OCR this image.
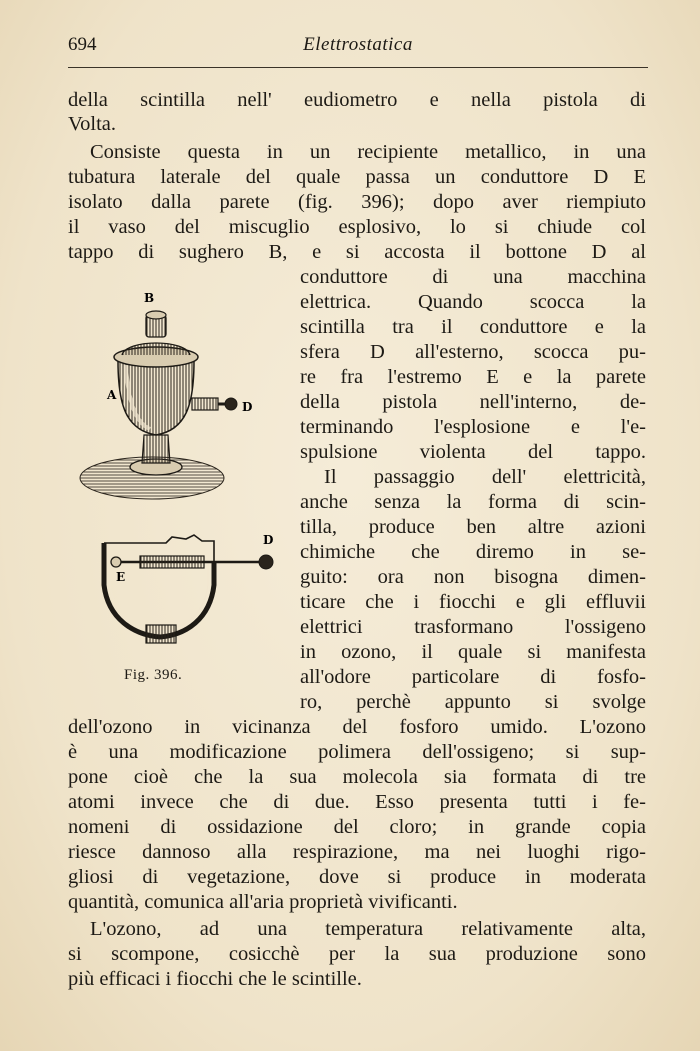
694	Elettrostatica
della scintilla nell' eudiometro e nella pistola di
Volta.
Consiste questa in un recipiente metallico, in una
tubatura laterale del quale passa un conduttore D E
isolato dalla parete (fig. 396); dopo aver riempiuto
il vaso del miscuglio esplosivo, lo si chiude col
tappo di sughero B, e si accosta il bottone D al
conduttore di una macchina
elettrica. Quando scocca la
scintilla tra il conduttore e la
sfera D all'esterno, scocca pu-
re fra l'estremo E e la parete
della pistola nell'interno, de-
terminando l'esplosione e l'e-
spulsione violenta del tappo.
Il passaggio dell' elettricità,
anche senza la forma di scin-
tilla, produce ben altre azioni
chimiche che diremo in se-
guito: ora non bisogna dimen-
ticare che i fiocchi e gli effluvii
elettrici trasformano l'ossigeno
in ozono, il quale si manifesta
all'odore particolare di fosfo-
ro, perchè appunto si svolge
dell'ozono in vicinanza del fosforo umido. L'ozono
è una modificazione polimera dell'ossigeno; si sup-
pone cioè che la sua molecola sia formata di tre
atomi invece che di due. Esso presenta tutti i fe-
nomeni di ossidazione del cloro; in grande copia
riesce dannoso alla respirazione, ma nei luoghi rigo-
gliosi di vegetazione, dove si produce in moderata
quantità, comunica all'aria proprietà vivificanti.
L'ozono, ad una temperatura relativamente alta,
si scompone, cosicchè per la sua produzione sono
più efficaci i fiocchi che le scintille.
B
A
D
D
E
Fig. 396.
